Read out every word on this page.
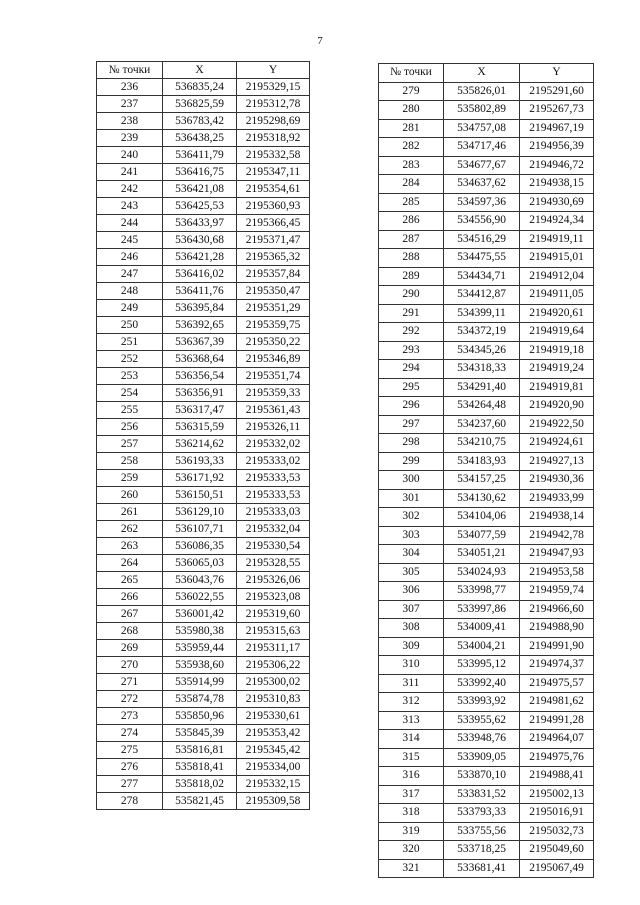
7
№ точки	X	Y
236	536835,24	2195329,15
237	536825,59	2195312,78
238	536783,42	2195298,69
239	536438,25	2195318,92
240	536411,79	2195332,58
241	536416,75	2195347,11
242	536421,08	2195354,61
243	536425,53	2195360,93
244	536433,97	2195366,45
245	536430,68	2195371,47
246	536421,28	2195365,32
247	536416,02	2195357,84
248	536411,76	2195350,47
249	536395,84	2195351,29
250	536392,65	2195359,75
251	536367,39	2195350,22
252	536368,64	2195346,89
253	536356,54	2195351,74
254	536356,91	2195359,33
255	536317,47	2195361,43
256	536315,59	2195326,11
257	536214,62	2195332,02
258	536193,33	2195333,02
259	536171,92	2195333,53
260	536150,51	2195333,53
261	536129,10	2195333,03
262	536107,71	2195332,04
263	536086,35	2195330,54
264	536065,03	2195328,55
265	536043,76	2195326,06
266	536022,55	2195323,08
267	536001,42	2195319,60
268	535980,38	2195315,63
269	535959,44	2195311,17
270	535938,60	2195306,22
271	535914,99	2195300,02
272	535874,78	2195310,83
273	535850,96	2195330,61
274	535845,39	2195353,42
275	535816,81	2195345,42
276	535818,41	2195334,00
277	535818,02	2195332,15
278	535821,45	2195309,58
№ точки	X	Y
279	535826,01	2195291,60
280	535802,89	2195267,73
281	534757,08	2194967,19
282	534717,46	2194956,39
283	534677,67	2194946,72
284	534637,62	2194938,15
285	534597,36	2194930,69
286	534556,90	2194924,34
287	534516,29	2194919,11
288	534475,55	2194915,01
289	534434,71	2194912,04
290	534412,87	2194911,05
291	534399,11	2194920,61
292	534372,19	2194919,64
293	534345,26	2194919,18
294	534318,33	2194919,24
295	534291,40	2194919,81
296	534264,48	2194920,90
297	534237,60	2194922,50
298	534210,75	2194924,61
299	534183,93	2194927,13
300	534157,25	2194930,36
301	534130,62	2194933,99
302	534104,06	2194938,14
303	534077,59	2194942,78
304	534051,21	2194947,93
305	534024,93	2194953,58
306	533998,77	2194959,74
307	533997,86	2194966,60
308	534009,41	2194988,90
309	534004,21	2194991,90
310	533995,12	2194974,37
311	533992,40	2194975,57
312	533993,92	2194981,62
313	533955,62	2194991,28
314	533948,76	2194964,07
315	533909,05	2194975,76
316	533870,10	2194988,41
317	533831,52	2195002,13
318	533793,33	2195016,91
319	533755,56	2195032,73
320	533718,25	2195049,60
321	533681,41	2195067,49
